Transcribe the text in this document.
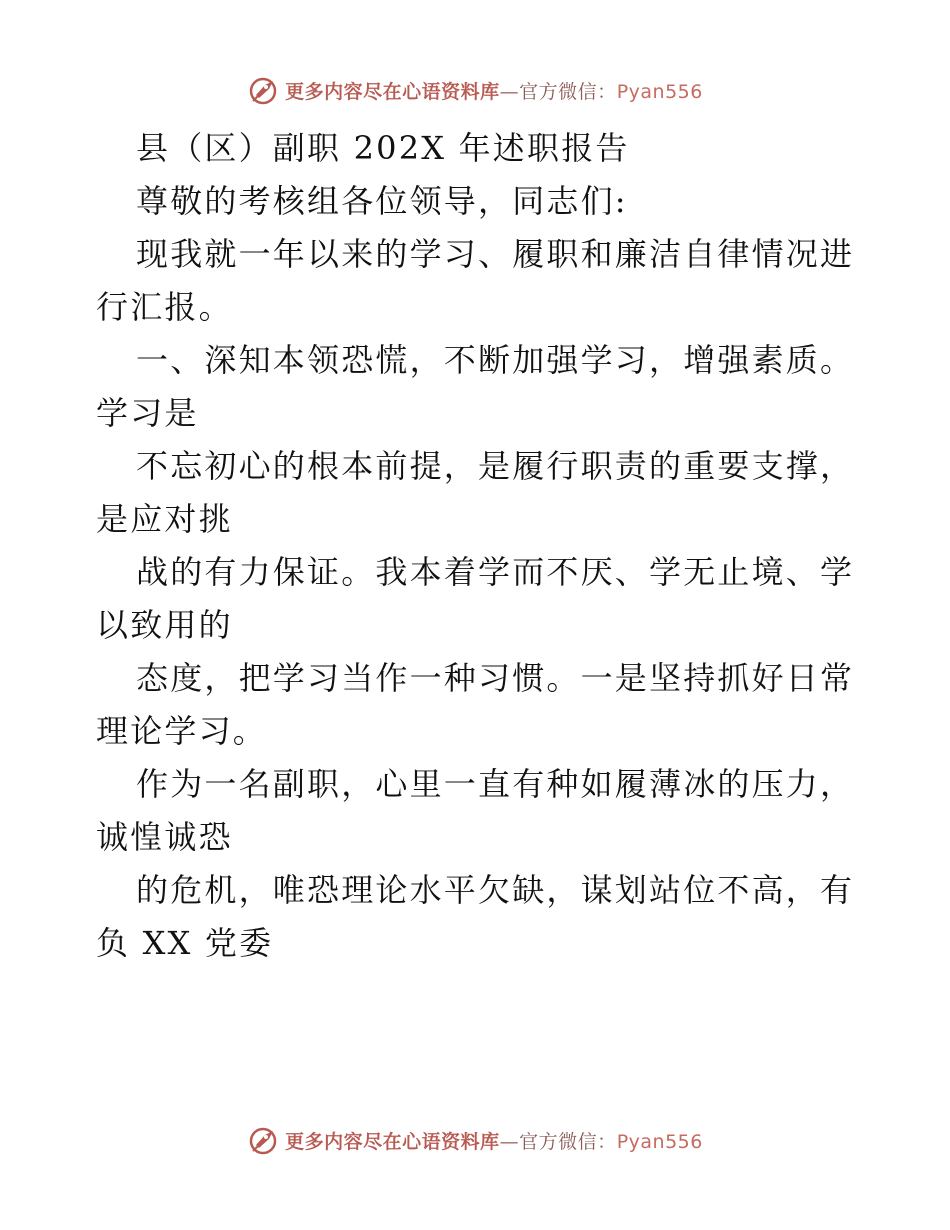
更多内容尽在心语资料库—官方微信：Pyan556
县（区）副职 202X 年述职报告
尊敬的考核组各位领导，同志们:
现我就一年以来的学习、履职和廉洁自律情况进
行汇报。
一、深知本领恐慌，不断加强学习，增强素质。
学习是
不忘初心的根本前提，是履行职责的重要支撑，
是应对挑
战的有力保证。我本着学而不厌、学无止境、学
以致用的
态度，把学习当作一种习惯。一是坚持抓好日常
理论学习。
作为一名副职，心里一直有种如履薄冰的压力，
诚惶诚恐
的危机，唯恐理论水平欠缺，谋划站位不高，有
负 XX 党委
更多内容尽在心语资料库—官方微信：Pyan556
